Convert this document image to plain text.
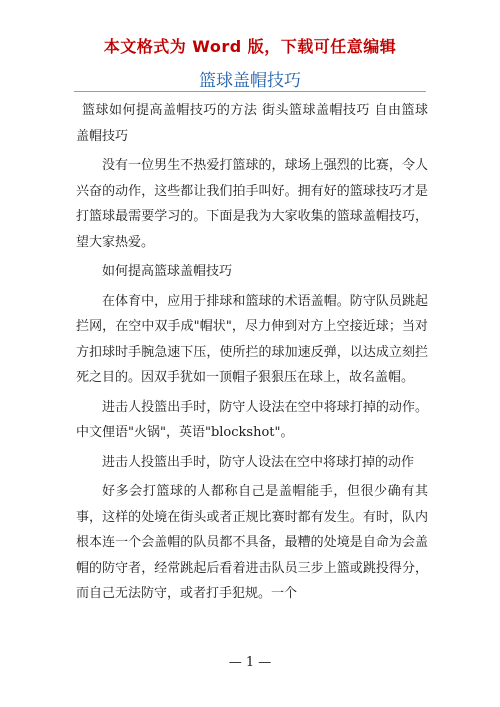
本文格式为 Word 版，下载可任意编辑
篮球盖帽技巧

篮球如何提高盖帽技巧的方法 街头篮球盖帽技巧 自由篮球盖帽技巧

没有一位男生不热爱打篮球的，球场上强烈的比赛，令人兴奋的动作，这些都让我们拍手叫好。拥有好的篮球技巧才是打篮球最需要学习的。下面是我为大家收集的篮球盖帽技巧，望大家热爱。

如何提高篮球盖帽技巧

在体育中，应用于排球和篮球的术语盖帽。防守队员跳起拦网，在空中双手成"帽状"，尽力伸到对方上空接近球；当对方扣球时手腕急速下压，使所拦的球加速反弹，以达成立刻拦死之目的。因双手犹如一顶帽子狠狠压在球上，故名盖帽。

进击人投篮出手时，防守人设法在空中将球打掉的动作。中文俚语"火锅"，英语"blockshot"。

进击人投篮出手时，防守人设法在空中将球打掉的动作

好多会打篮球的人都称自己是盖帽能手，但很少确有其事，这样的处境在街头或者正规比赛时都有发生。有时，队内根本连一个会盖帽的队员都不具备，最糟的处境是自命为会盖帽的防守者，经常跳起后看着进击队员三步上篮或跳投得分，而自己无法防守，或者打手犯规。一个

— 1 —
